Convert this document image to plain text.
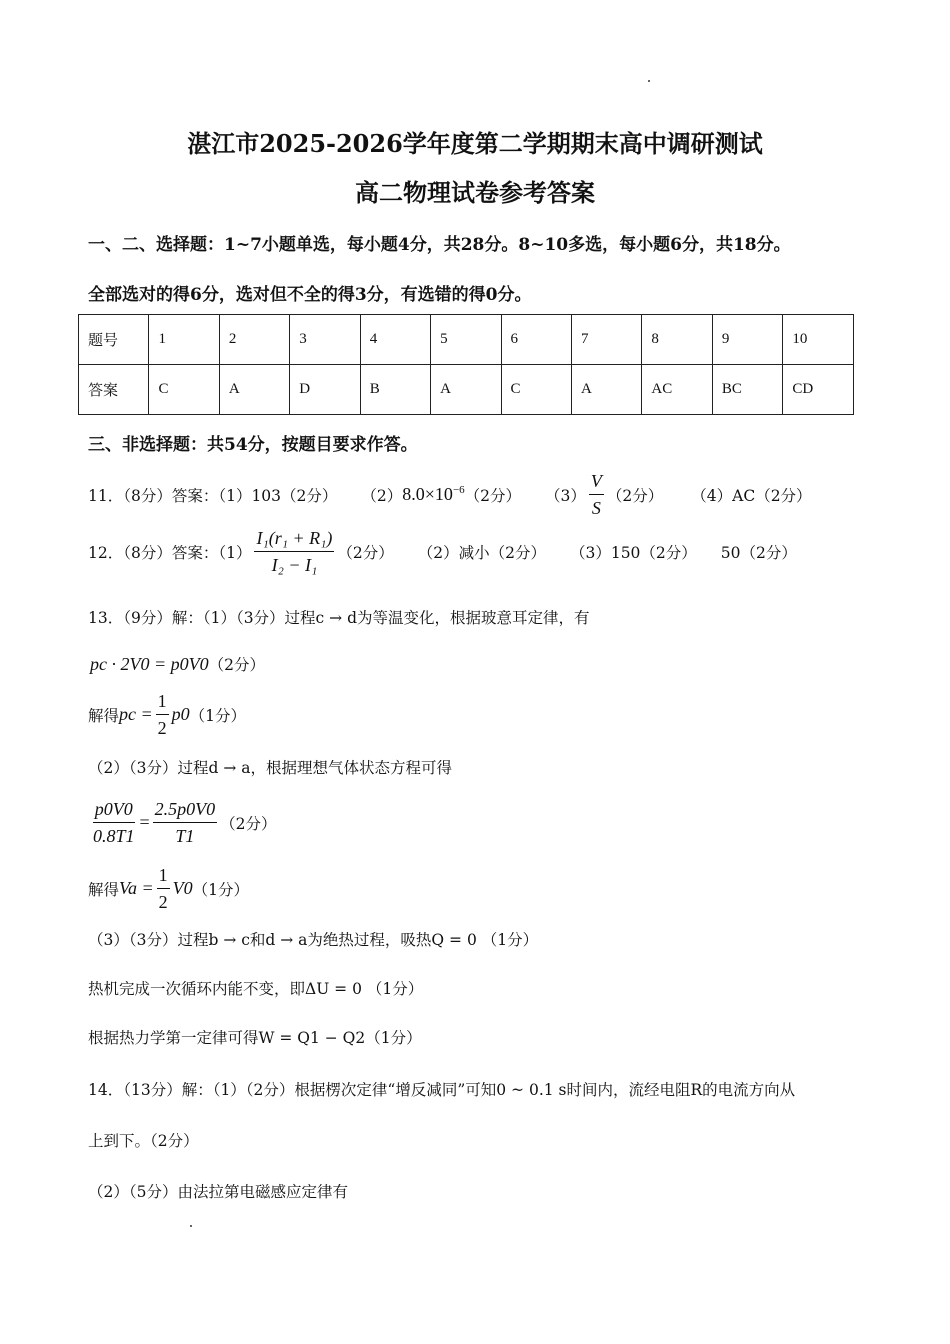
湛江市2025-2026学年度第二学期期末高中调研测试
高二物理试卷参考答案
一、二、选择题：1~7小题单选，每小题4分，共28分。8~10多选，每小题6分，共18分。
全部选对的得6分，选对但不全的得3分，有选错的得0分。
题号	1	2	3	4	5	6	7	8	9	10
答案	C	A	D	B	A	C	A	AC	BC	CD
三、非选择题：共54分，按题目要求作答。
11．（8分）答案：（1）103（2分） （2） $8.0\times 10^{-6}$ （2分） $(3) \frac{V}{S} (2$分） （4）AC（2分）
12．（8分）答案：$(1) \frac{\text{I₁(r₁ + R₁)}}{\text{I₂ − I₁}} (2$分） （2）减小（2分） （3）150（2分） 50（2分）
13．（9分）解：（1）（3分）过程c → d为等温变化，根据玻意耳定律，有
pc · 2V0 = p0V0 （2分）
解得 pc = $\frac{1}{2} p0$ （1分）
（2）（3分）过程d → a，根据理想气体状态方程可得
$\frac{p0V0}{0.8T1} = \frac{2.5p0V0}{T1} (2$分）
解得 $Va = \frac{1}{2} V0$ （1分）
（3）（3分）过程b → c和d → a为绝热过程，吸热Q = 0 （1分）
热机完成一次循环内能不变，即ΔU = 0 （1分）
根据热力学第一定律可得W = Q1 − Q2（1分）
14．（13分）解：（1）（2分）根据楞次定律“增反减同”可知0 ~ 0.1 s时间内，流经电阻R的电流方向从
上到下。（2分）
（2）（5分）由法拉第电磁感应定律有
